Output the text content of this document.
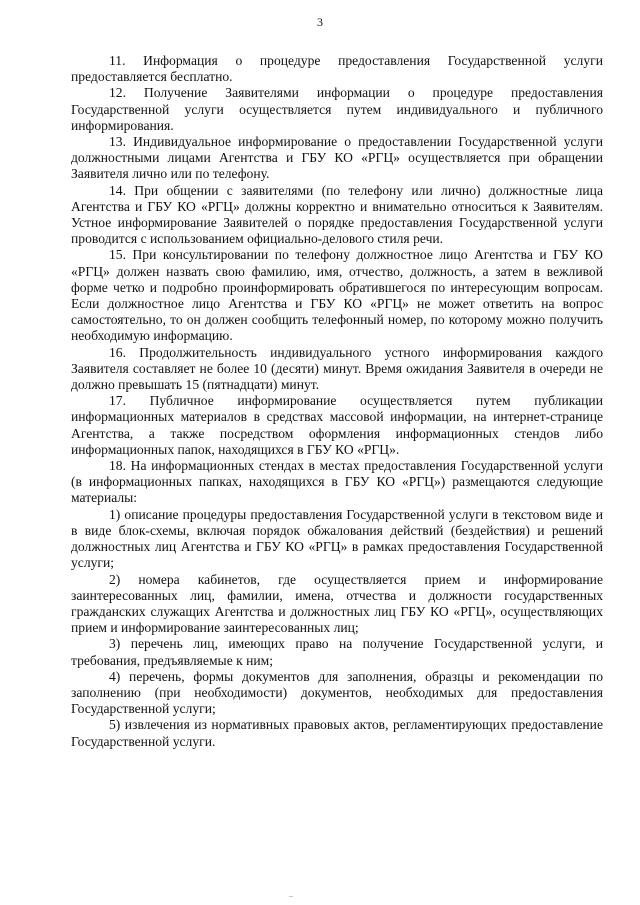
3

11. Информация о процедуре предоставления Государственной услуги предоставляется бесплатно.

12. Получение Заявителями информации о процедуре предоставления Государственной услуги осуществляется путем индивидуального и публичного информирования.

13. Индивидуальное информирование о предоставлении Государственной услуги должностными лицами Агентства и ГБУ КО «РГЦ» осуществляется при обращении Заявителя лично или по телефону.

14. При общении с заявителями (по телефону или лично) должностные лица Агентства и ГБУ КО «РГЦ» должны корректно и внимательно относиться к Заявителям. Устное информирование Заявителей о порядке предоставления Государственной услуги проводится с использованием официально-делового стиля речи.

15. При консультировании по телефону должностное лицо Агентства и ГБУ КО «РГЦ» должен назвать свою фамилию, имя, отчество, должность, а затем в вежливой форме четко и подробно проинформировать обратившегося по интересующим вопросам. Если должностное лицо Агентства и ГБУ КО «РГЦ» не может ответить на вопрос самостоятельно, то он должен сообщить телефонный номер, по которому можно получить необходимую информацию.

16. Продолжительность индивидуального устного информирования каждого Заявителя составляет не более 10 (десяти) минут. Время ожидания Заявителя в очереди не должно превышать 15 (пятнадцати) минут.

17. Публичное информирование осуществляется путем публикации информационных материалов в средствах массовой информации, на интернет-странице Агентства, а также посредством оформления информационных стендов либо информационных папок, находящихся в ГБУ КО «РГЦ».

18. На информационных стендах в местах предоставления Государственной услуги (в информационных папках, находящихся в ГБУ КО «РГЦ») размещаются следующие материалы:

1) описание процедуры предоставления Государственной услуги в текстовом виде и в виде блок-схемы, включая порядок обжалования действий (бездействия) и решений должностных лиц Агентства и ГБУ КО «РГЦ» в рамках предоставления Государственной услуги;

2) номера кабинетов, где осуществляется прием и информирование заинтересованных лиц, фамилии, имена, отчества и должности государственных гражданских служащих Агентства и должностных лиц ГБУ КО «РГЦ», осуществляющих прием и информирование заинтересованных лиц;

3) перечень лиц, имеющих право на получение Государственной услуги, и требования, предъявляемые к ним;

4) перечень, формы документов для заполнения, образцы и рекомендации по заполнению (при необходимости) документов, необходимых для предоставления Государственной услуги;

5) извлечения из нормативных правовых актов, регламентирующих предоставление Государственной услуги.
